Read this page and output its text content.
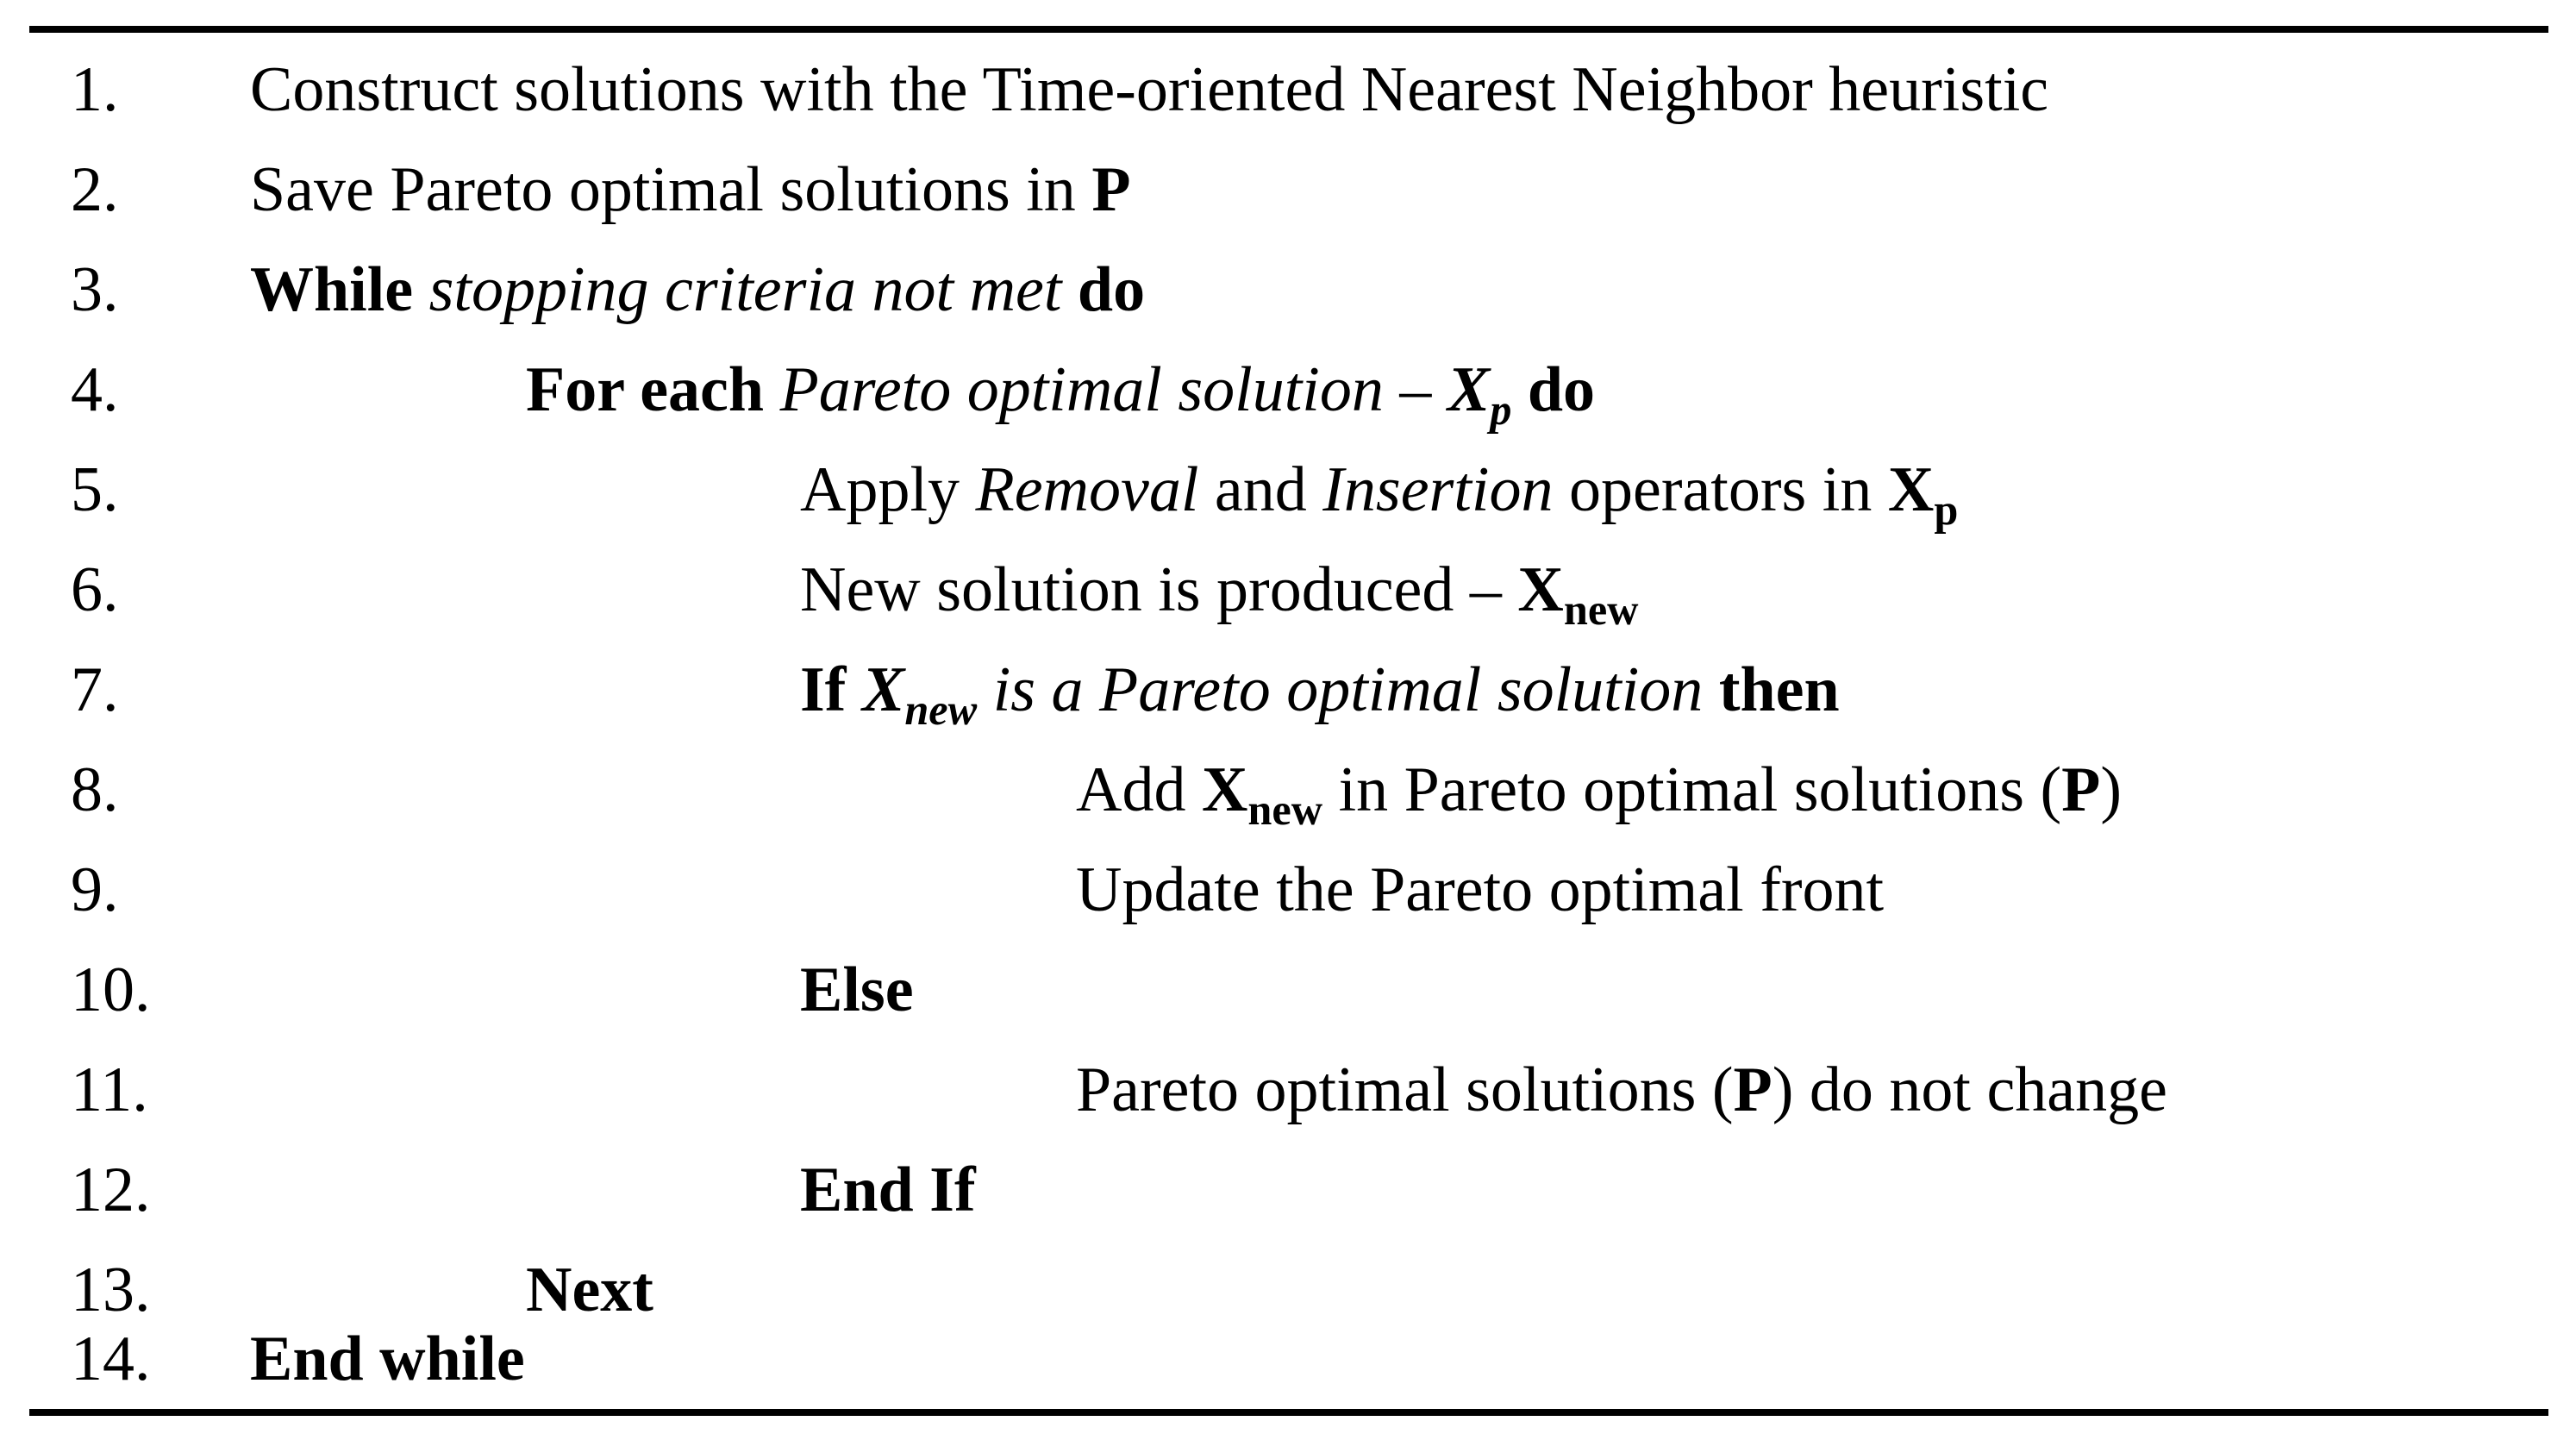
1. Construct solutions with the Time-oriented Nearest Neighbor heuristic
2. Save Pareto optimal solutions in P
3. While stopping criteria not met do
4.	For each Pareto optimal solution – $X_p$ do
5.	Apply Removal and Insertion operators in $X_p$
6.	New solution is produced – $X_{new}$
7.	If $X_{new}$ is a Pareto optimal solution then
8.	Add $X_{new}$ in Pareto optimal solutions (P)
9.	Update the Pareto optimal front
10.	Else
11.	Pareto optimal solutions (P) do not change
12.	End If
13.	Next
14. End while
